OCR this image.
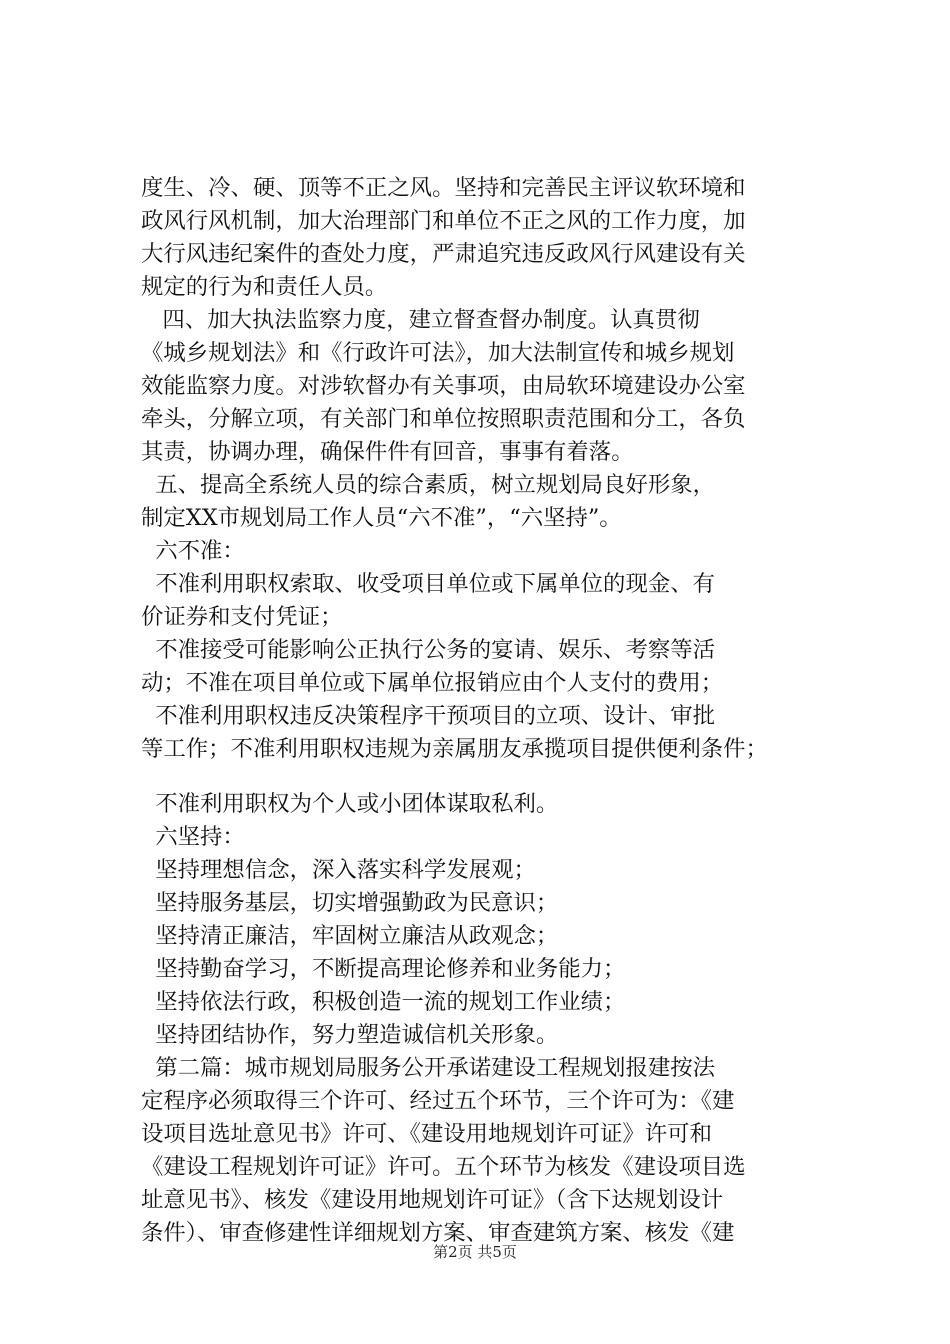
度生、冷、硬、顶等不正之风。坚持和完善民主评议软环境和
政风行风机制，加大治理部门和单位不正之风的工作力度，加
大行风违纪案件的查处力度，严肃追究违反政风行风建设有关
规定的行为和责任人员。
四、加大执法监察力度，建立督查督办制度。认真贯彻
《城乡规划法》和《行政许可法》，加大法制宣传和城乡规划
效能监察力度。对涉软督办有关事项，由局软环境建设办公室
牵头，分解立项，有关部门和单位按照职责范围和分工，各负
其责，协调办理，确保件件有回音，事事有着落。
五、提高全系统人员的综合素质，树立规划局良好形象，
制定XX市规划局工作人员“六不准”，“六坚持”。
六不准：
不准利用职权索取、收受项目单位或下属单位的现金、有
价证券和支付凭证；
不准接受可能影响公正执行公务的宴请、娱乐、考察等活
动；不准在项目单位或下属单位报销应由个人支付的费用；
不准利用职权违反决策程序干预项目的立项、设计、审批
等工作；不准利用职权违规为亲属朋友承揽项目提供便利条件；
不准利用职权为个人或小团体谋取私利。
六坚持：
坚持理想信念，深入落实科学发展观；
坚持服务基层，切实增强勤政为民意识；
坚持清正廉洁，牢固树立廉洁从政观念；
坚持勤奋学习，不断提高理论修养和业务能力；
坚持依法行政，积极创造一流的规划工作业绩；
坚持团结协作，努力塑造诚信机关形象。
第二篇：城市规划局服务公开承诺建设工程规划报建按法
定程序必须取得三个许可、经过五个环节，三个许可为：《建
设项目选址意见书》许可、《建设用地规划许可证》许可和
《建设工程规划许可证》许可。五个环节为核发《建设项目选
址意见书》、核发《建设用地规划许可证》（含下达规划设计
条件）、审查修建性详细规划方案、审查建筑方案、核发《建
第2页 共5页
